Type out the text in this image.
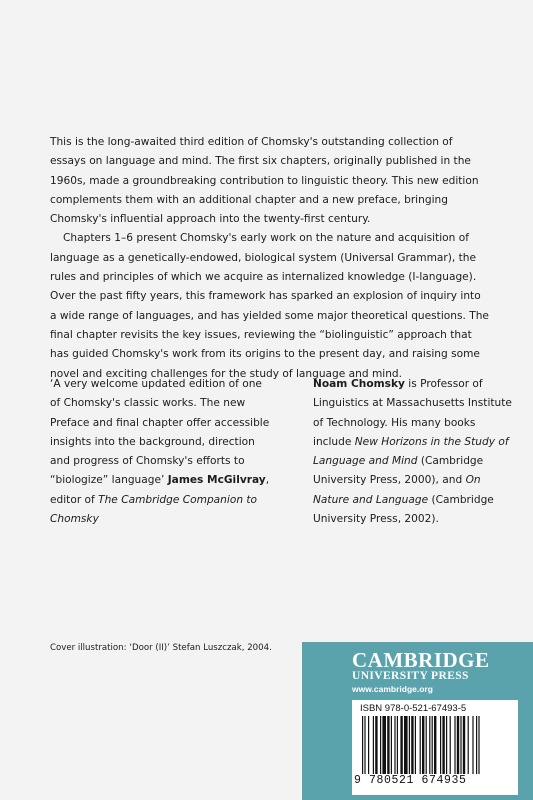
This is the long-awaited third edition of Chomsky's outstanding collection of essays on language and mind. The first six chapters, originally published in the 1960s, made a groundbreaking contribution to linguistic theory. This new edition complements them with an additional chapter and a new preface, bringing Chomsky's influential approach into the twenty-first century.

Chapters 1–6 present Chomsky's early work on the nature and acquisition of language as a genetically-endowed, biological system (Universal Grammar), the rules and principles of which we acquire as internalized knowledge (I-language). Over the past fifty years, this framework has sparked an explosion of inquiry into a wide range of languages, and has yielded some major theoretical questions. The final chapter revisits the key issues, reviewing the “biolinguistic” approach that has guided Chomsky's work from its origins to the present day, and raising some novel and exciting challenges for the study of language and mind.

‘A very welcome updated edition of one of Chomsky's classic works. The new Preface and final chapter offer accessible insights into the background, direction and progress of Chomsky's efforts to “biologize” language’ James McGilvray, editor of The Cambridge Companion to Chomsky
Noam Chomsky is Professor of Linguistics at Massachusetts Institute of Technology. His many books include New Horizons in the Study of Language and Mind (Cambridge University Press, 2000), and On Nature and Language (Cambridge University Press, 2002).
Cover illustration: ‘Door (II)’ Stefan Luszczak, 2004.	CAMBRIDGE
UNIVERSITY PRESS
www.cambridge.org
ISBN 978-0-521-67493-5
9 780521 674935
